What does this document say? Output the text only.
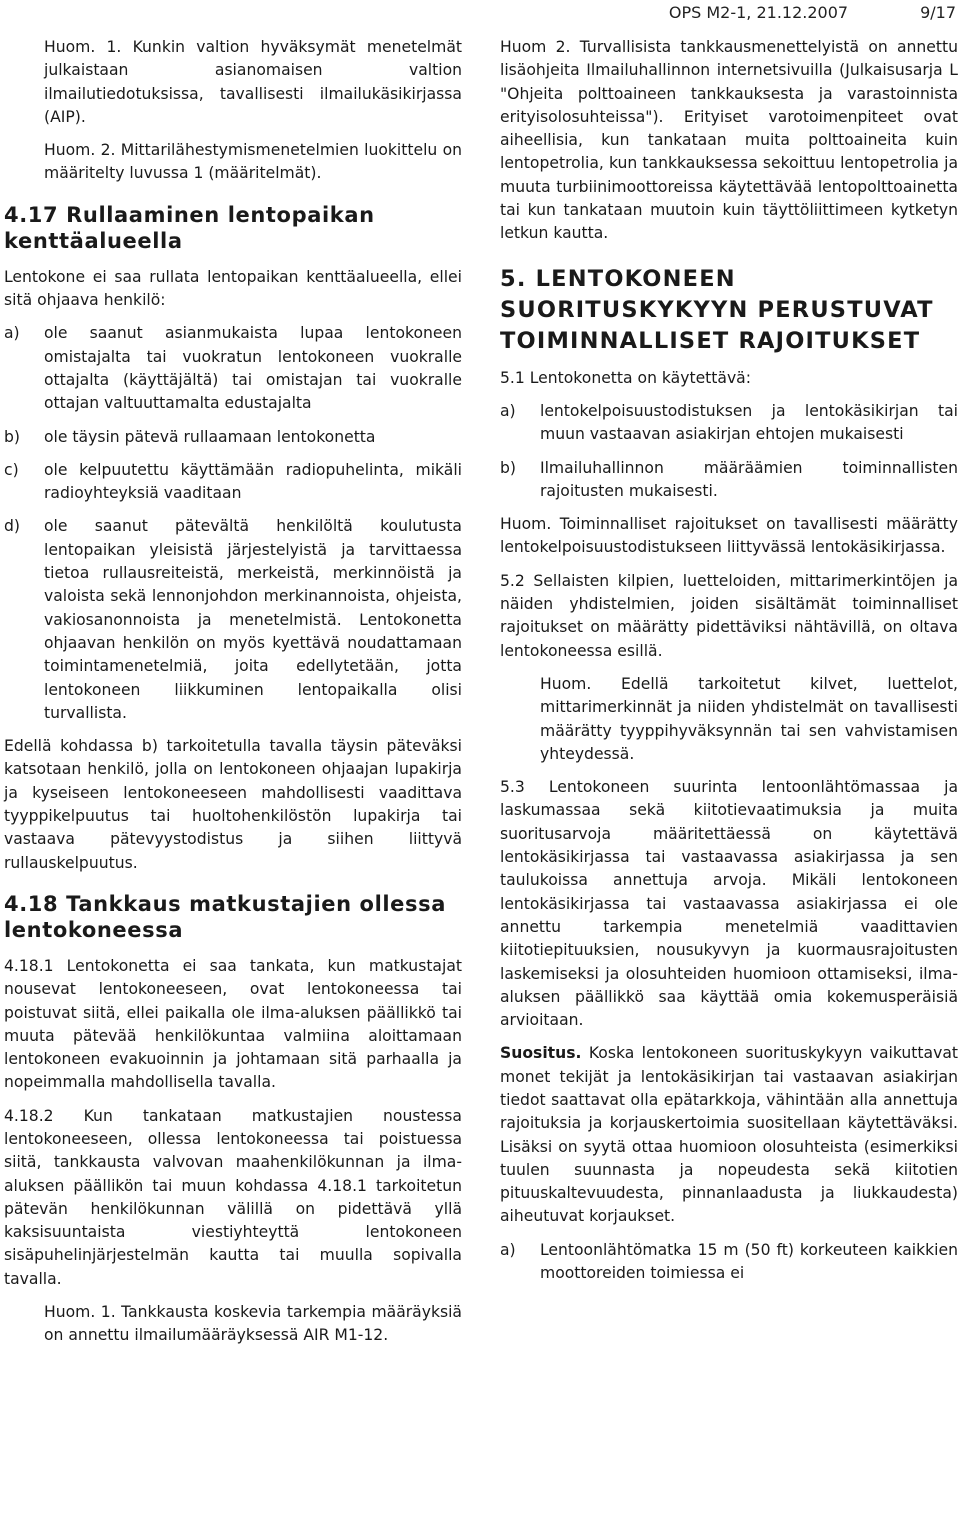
OPS M2-1, 21.12.2007	9/17

Huom. 1. Kunkin valtion hyväksymät menetelmät julkaistaan asianomaisen valtion ilmailutiedotuksissa, tavallisesti ilmailukäsikirjassa (AIP).

Huom. 2. Mittarilähestymismenetelmien luokittelu on määritelty luvussa 1 (määritelmät).

4.17 Rullaaminen lentopaikan kenttäalueella

Lentokone ei saa rullata lentopaikan kenttäalueella, ellei sitä ohjaava henkilö:

a)	ole saanut asianmukaista lupaa lentokoneen omistajalta tai vuokratun lentokoneen vuokralle ottajalta (käyttäjältä) tai omistajan tai vuokralle ottajan valtuuttamalta edustajalta
b)	ole täysin pätevä rullaamaan lentokonetta
c)	ole kelpuutettu käyttämään radiopuhelinta, mikäli radioyhteyksiä vaaditaan
d)	ole saanut pätevältä henkilöltä koulutusta lentopaikan yleisistä järjestelyistä ja tarvittaessa tietoa rullausreiteistä, merkeistä, merkinnöistä ja valoista sekä lennonjohdon merkinannoista, ohjeista, vakiosanonnoista ja menetelmistä. Lentokonetta ohjaavan henkilön on myös kyettävä noudattamaan toimintamenetelmiä, joita edellytetään, jotta lentokoneen liikkuminen lentopaikalla olisi turvallista.

Edellä kohdassa b) tarkoitetulla tavalla täysin päteväksi katsotaan henkilö, jolla on lentokoneen ohjaajan lupakirja ja kyseiseen lentokoneeseen mahdollisesti vaadittava tyyppikelpuutus tai huoltohenkilöstön lupakirja tai vastaava pätevyystodistus ja siihen liittyvä rullauskelpuutus.

4.18 Tankkaus matkustajien ollessa lentokoneessa

4.18.1 Lentokonetta ei saa tankata, kun matkustajat nousevat lentokoneeseen, ovat lentokoneessa tai poistuvat siitä, ellei paikalla ole ilma-aluksen päällikkö tai muuta pätevää henkilökuntaa valmiina aloittamaan lentokoneen evakuoinnin ja johtamaan sitä parhaalla ja nopeimmalla mahdollisella tavalla.

4.18.2 Kun tankataan matkustajien noustessa lentokoneeseen, ollessa lentokoneessa tai poistuessa siitä, tankkausta valvovan maahenkilökunnan ja ilma-aluksen päällikön tai muun kohdassa 4.18.1 tarkoitetun pätevän henkilökunnan välillä on pidettävä yllä kaksisuuntaista viestiyhteyttä lentokoneen sisäpuhelinjärjestelmän kautta tai muulla sopivalla tavalla.

Huom. 1. Tankkausta koskevia tarkempia määräyksiä on annettu ilmailumääräyksessä AIR M1-12.

Huom 2. Turvallisista tankkausmenettelyistä on annettu lisäohjeita Ilmailuhallinnon internetsivuilla (Julkaisusarja L "Ohjeita polttoaineen tankkauksesta ja varastoinnista erityisolosuhteissa"). Erityiset varotoimenpiteet ovat aiheellisia, kun tankataan muita polttoaineita kuin lentopetrolia, kun tankkauksessa sekoittuu lentopetrolia ja muuta turbiinimoottoreissa käytettävää lentopolttoainetta tai kun tankataan muutoin kuin täyttöliittimeen kytketyn letkun kautta.

5. LENTOKONEEN SUORITUSKYKYYN PERUSTUVAT TOIMINNALLISET RAJOITUKSET

5.1 Lentokonetta on käytettävä:

a)	lentokelpoisuustodistuksen ja lentokäsikirjan tai muun vastaavan asiakirjan ehtojen mukaisesti
b)	Ilmailuhallinnon määräämien toiminnallisten rajoitusten mukaisesti.

Huom. Toiminnalliset rajoitukset on tavallisesti määrätty lentokelpoisuustodistukseen liittyvässä lentokäsikirjassa.

5.2 Sellaisten kilpien, luetteloiden, mittarimerkintöjen ja näiden yhdistelmien, joiden sisältämät toiminnalliset rajoitukset on määrätty pidettäviksi nähtävillä, on oltava lentokoneessa esillä.

Huom. Edellä tarkoitetut kilvet, luettelot, mittarimerkinnät ja niiden yhdistelmät on tavallisesti määrätty tyyppihyväksynnän tai sen vahvistamisen yhteydessä.

5.3 Lentokoneen suurinta lentoonlähtömassaa ja laskumassaa sekä kiitotievaatimuksia ja muita suoritusarvoja määritettäessä on käytettävä lentokäsikirjassa tai vastaavassa asiakirjassa ja sen taulukoissa annettuja arvoja. Mikäli lentokoneen lentokäsikirjassa tai vastaavassa asiakirjassa ei ole annettu tarkempia menetelmiä vaadittavien kiitotiepituuksien, nousukyvyn ja kuormausrajoitusten laskemiseksi ja olosuhteiden huomioon ottamiseksi, ilma-aluksen päällikkö saa käyttää omia kokemusperäisiä arvioitaan.

Suositus. Koska lentokoneen suorituskykyyn vaikuttavat monet tekijät ja lentokäsikirjan tai vastaavan asiakirjan tiedot saattavat olla epätarkkoja, vähintään alla annettuja rajoituksia ja korjauskertoimia suositellaan käytettäväksi. Lisäksi on syytä ottaa huomioon olosuhteista (esimerkiksi tuulen suunnasta ja nopeudesta sekä kiitotien pituuskaltevuudesta, pinnanlaadusta ja liukkaudesta) aiheutuvat korjaukset.

a)	Lentoonlähtömatka 15 m (50 ft) korkeuteen kaikkien moottoreiden toimiessa ei
